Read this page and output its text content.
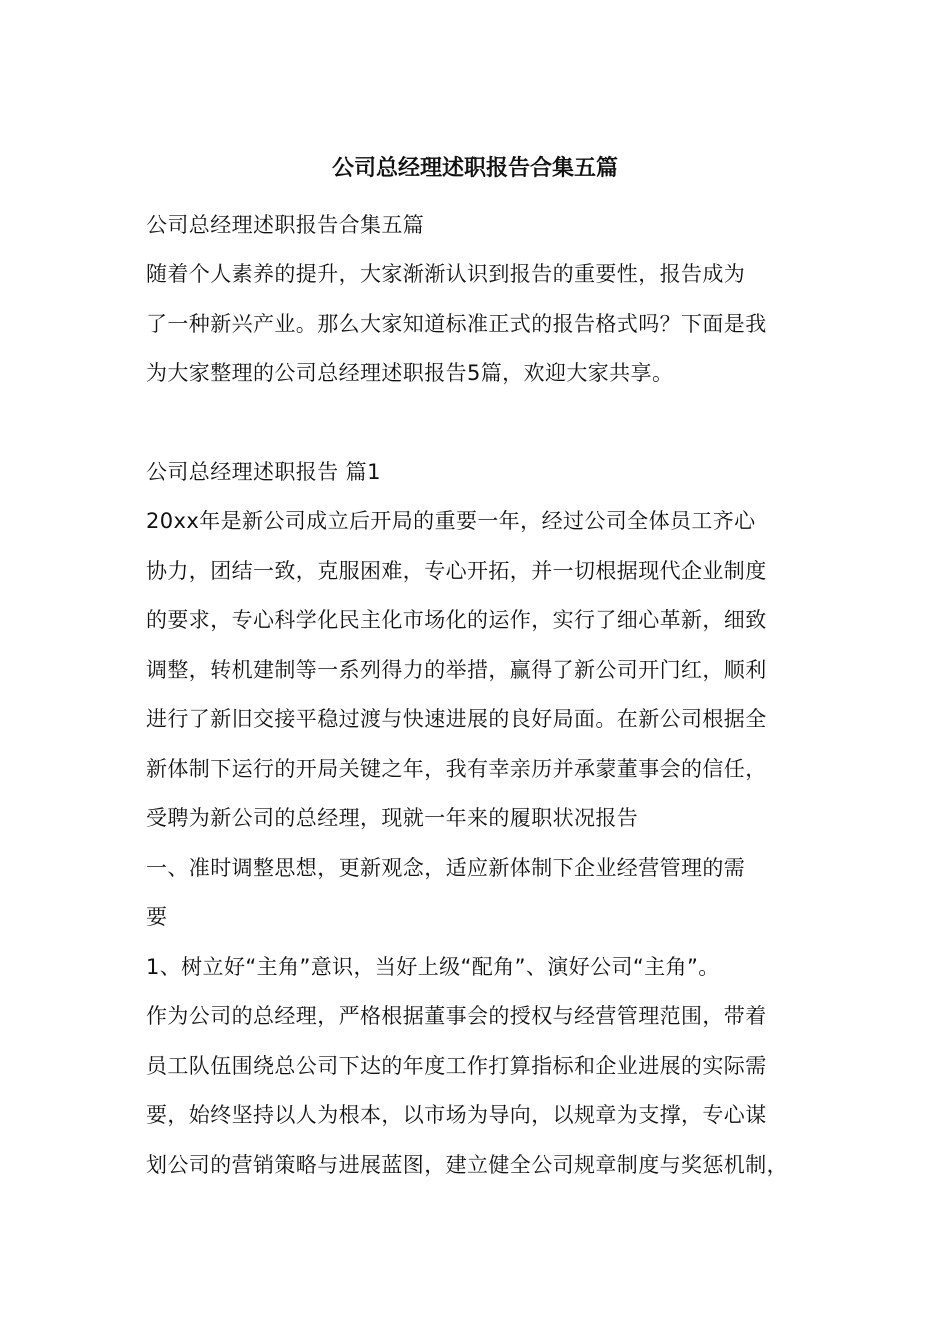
公司总经理述职报告合集五篇
公司总经理述职报告合集五篇
随着个人素养的提升，大家渐渐认识到报告的重要性，报告成为
了一种新兴产业。那么大家知道标准正式的报告格式吗？下面是我
为大家整理的公司总经理述职报告5篇，欢迎大家共享。
公司总经理述职报告 篇1
20xx年是新公司成立后开局的重要一年，经过公司全体员工齐心
协力，团结一致，克服困难，专心开拓，并一切根据现代企业制度
的要求，专心科学化民主化市场化的运作，实行了细心革新，细致
调整，转机建制等一系列得力的举措，赢得了新公司开门红，顺利
进行了新旧交接平稳过渡与快速进展的良好局面。在新公司根据全
新体制下运行的开局关键之年，我有幸亲历并承蒙董事会的信任，
受聘为新公司的总经理，现就一年来的履职状况报告
一、准时调整思想，更新观念，适应新体制下企业经营管理的需
要
1、树立好“主角”意识，当好上级“配角”、演好公司“主角”。
作为公司的总经理，严格根据董事会的授权与经营管理范围，带着
员工队伍围绕总公司下达的年度工作打算指标和企业进展的实际需
要，始终坚持以人为根本，以市场为导向，以规章为支撑，专心谋
划公司的营销策略与进展蓝图，建立健全公司规章制度与奖惩机制，
